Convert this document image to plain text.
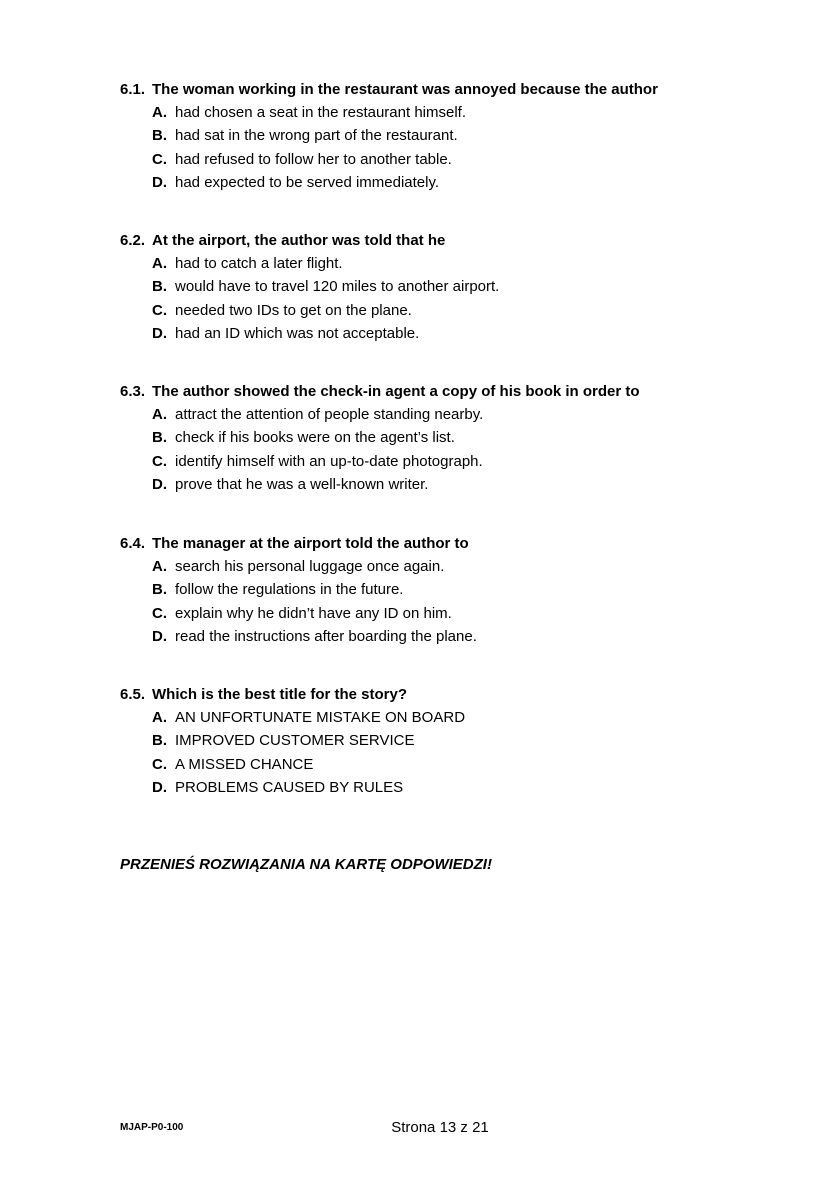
6.1. The woman working in the restaurant was annoyed because the author
A. had chosen a seat in the restaurant himself.
B. had sat in the wrong part of the restaurant.
C. had refused to follow her to another table.
D. had expected to be served immediately.
6.2. At the airport, the author was told that he
A. had to catch a later flight.
B. would have to travel 120 miles to another airport.
C. needed two IDs to get on the plane.
D. had an ID which was not acceptable.
6.3. The author showed the check-in agent a copy of his book in order to
A. attract the attention of people standing nearby.
B. check if his books were on the agent’s list.
C. identify himself with an up-to-date photograph.
D. prove that he was a well-known writer.
6.4. The manager at the airport told the author to
A. search his personal luggage once again.
B. follow the regulations in the future.
C. explain why he didn’t have any ID on him.
D. read the instructions after boarding the plane.
6.5. Which is the best title for the story?
A. AN UNFORTUNATE MISTAKE ON BOARD
B. IMPROVED CUSTOMER SERVICE
C. A MISSED CHANCE
D. PROBLEMS CAUSED BY RULES
PRZENIEŚ ROZWIĄZANIA NA KARTĘ ODPOWIEDZI!
MJAP-P0-100	Strona 13 z 21
